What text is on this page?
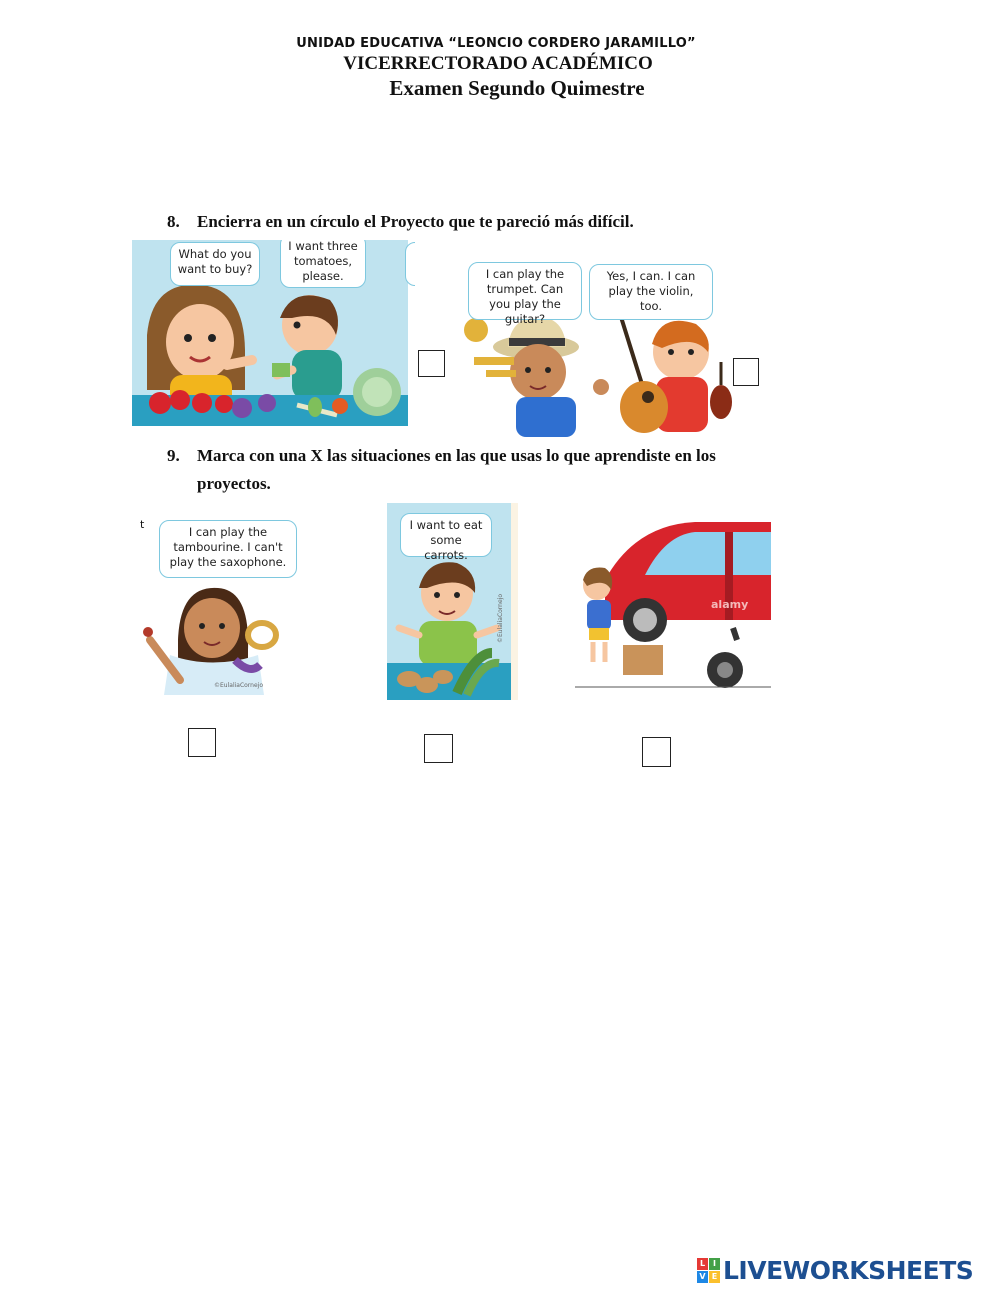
UNIDAD EDUCATIVA “LEONCIO CORDERO JARAMILLO”
VICERRECTORADO ACADÉMICO
Examen Segundo Quimestre
8. Encierra en un círculo el Proyecto que te pareció más difícil.
What do you want to buy?
I want three tomatoes, please.	I can play the trumpet. Can you play the guitar?
Yes, I can. I can play the violin, too.
9. Marca con una X las situaciones en las que usas lo que aprendiste en los
proyectos.
I can play the tambourine. I can't play the saxophone.
t
©EulaliaCornejo
I want to eat some carrots.
©EulaliaCornejo	alamy
L I
V E LIVEWORKSHEETS
